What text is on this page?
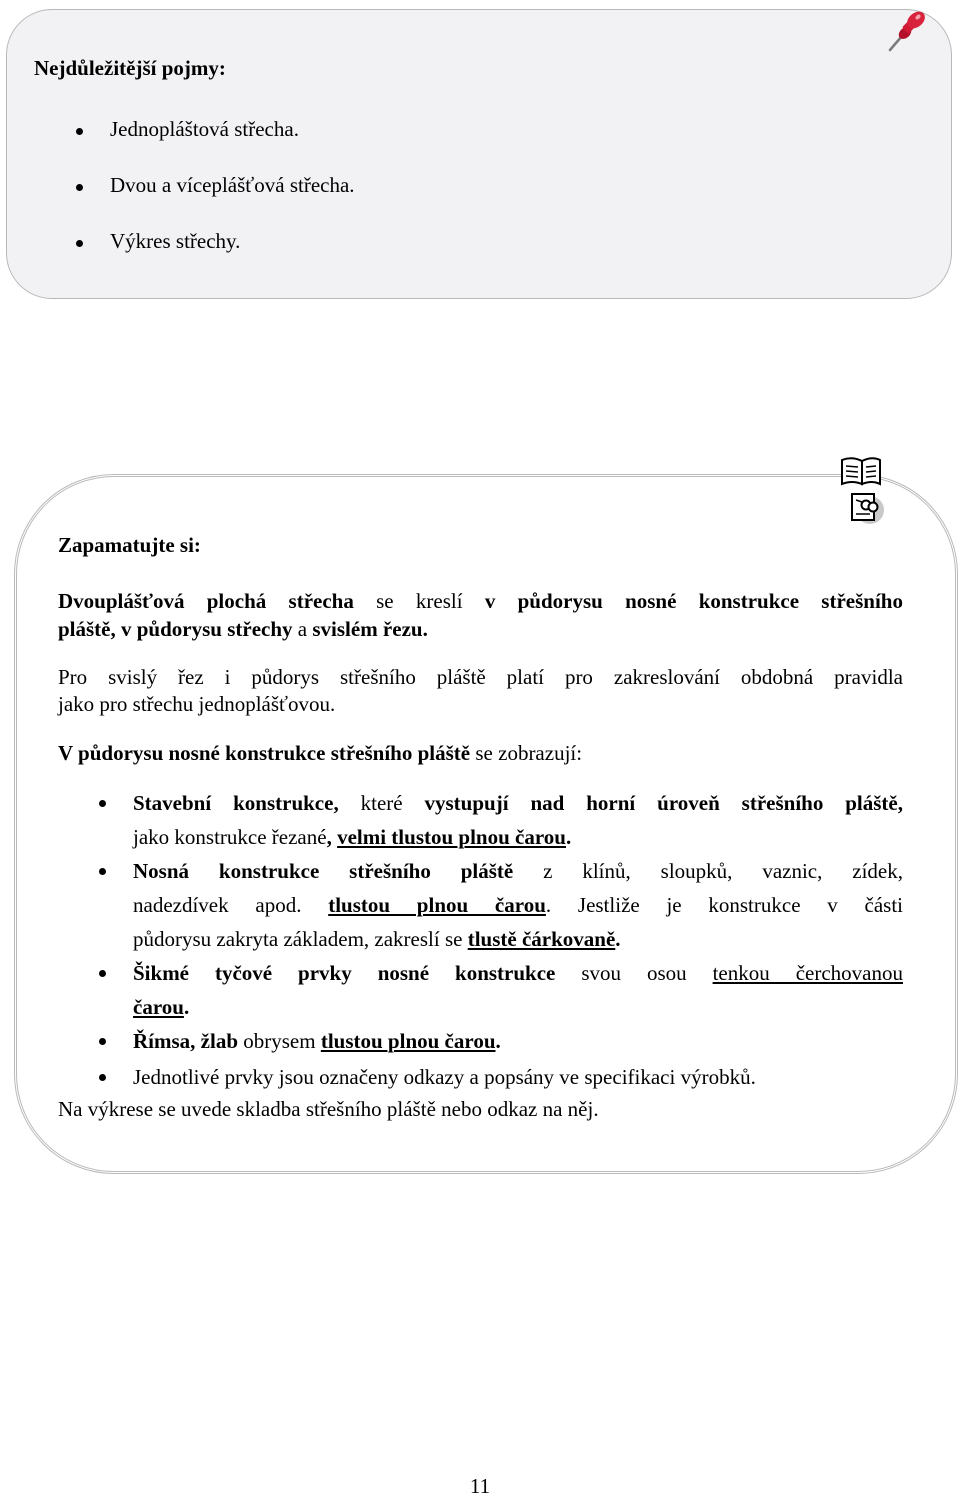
Nejdůležitější pojmy:
Jednopláštová střecha.
Dvou a víceplášťová střecha.
Výkres střechy.
Zapamatujte si:
Dvouplášťová plochá střecha se kreslí v půdorysu nosné konstrukce střešního
pláště, v půdorysu střechy a svislém řezu.
Pro svislý řez i půdorys střešního pláště platí pro zakreslování obdobná pravidla
jako pro střechu jednoplášťovou.
V půdorysu nosné konstrukce střešního pláště se zobrazují:
Stavební konstrukce, které vystupují nad horní úroveň střešního pláště,
jako konstrukce řezané, velmi tlustou plnou čarou.
Nosná konstrukce střešního pláště z klínů, sloupků, vaznic, zídek,
nadezdívek apod. tlustou plnou čarou. Jestliže je konstrukce v části
půdorysu zakryta základem, zakreslí se tlustě čárkovaně.
Šikmé tyčové prvky nosné konstrukce svou osou tenkou čerchovanou
čarou.
Římsa, žlab obrysem tlustou plnou čarou.
Jednotlivé prvky jsou označeny odkazy a popsány ve specifikaci výrobků.
Na výkrese se uvede skladba střešního pláště nebo odkaz na něj.
11
